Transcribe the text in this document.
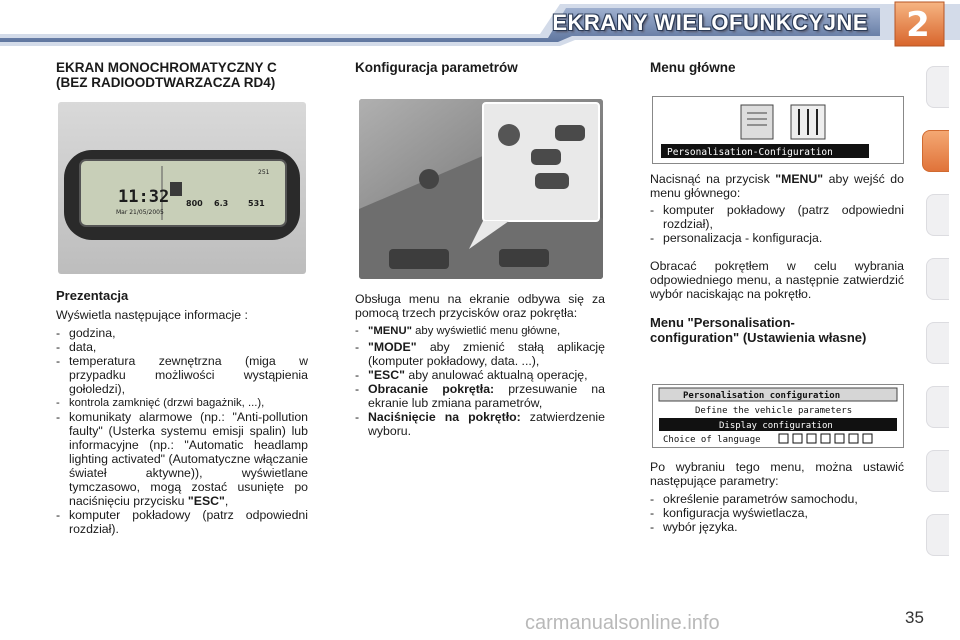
EKRANY WIELOFUNKCYJNE 2
EKRAN MONOCHROMATYCZNY C
(BEZ RADIOODTWARZACZA RD4)
11:32
Mar 21/05/2005
251
800 6.3 531
Prezentacja

Wyświetla następujące informacje :

- godzina,
- data,
- temperatura zewnętrzna (miga w przypadku możliwości wystąpienia gołoledzi),
- kontrola zamknięć (drzwi bagażnik, ...),
- komunikaty alarmowe (np.: "Anti-pollution faulty" (Usterka systemu emisji spalin) lub informacyjne (np.: "Automatic headlamp lighting activated" (Automatyczne włączanie świateł aktywne)), wyświetlane tymczasowo, mogą zostać usunięte po naciśnięciu przycisku "ESC",
- komputer pokładowy (patrz odpowiedni rozdział).
Konfiguracja parametrów

Obsługa menu na ekranie odbywa się za pomocą trzech przycisków oraz pokrętła:

- "MENU" aby wyświetlić menu główne,
- "MODE" aby zmienić stałą aplikację (komputer pokładowy, data. ...),
- "ESC" aby anulować aktualną operację,
- Obracanie pokrętła: przesuwanie na ekranie lub zmiana parametrów,
- Naciśnięcie na pokrętło: zatwierdzenie wyboru.
Menu główne
Personalisation-Configuration

Nacisnąć na przycisk "MENU" aby wejść do menu głównego:

- komputer pokładowy (patrz odpowiedni rozdział),
- personalizacja - konfiguracja.

Obracać pokrętłem w celu wybrania odpowiedniego menu, a następnie zatwierdzić wybór naciskając na pokrętło.

Menu "Personalisation-
configuration" (Ustawienia własne)
Personalisation configuration
Define the vehicle parameters
Display configuration
Choice of language

Po wybraniu tego menu, można ustawić następujące parametry:

- określenie parametrów samochodu,
- konfiguracja wyświetlacza,
- wybór języka.
carmanualsonline.info	35
